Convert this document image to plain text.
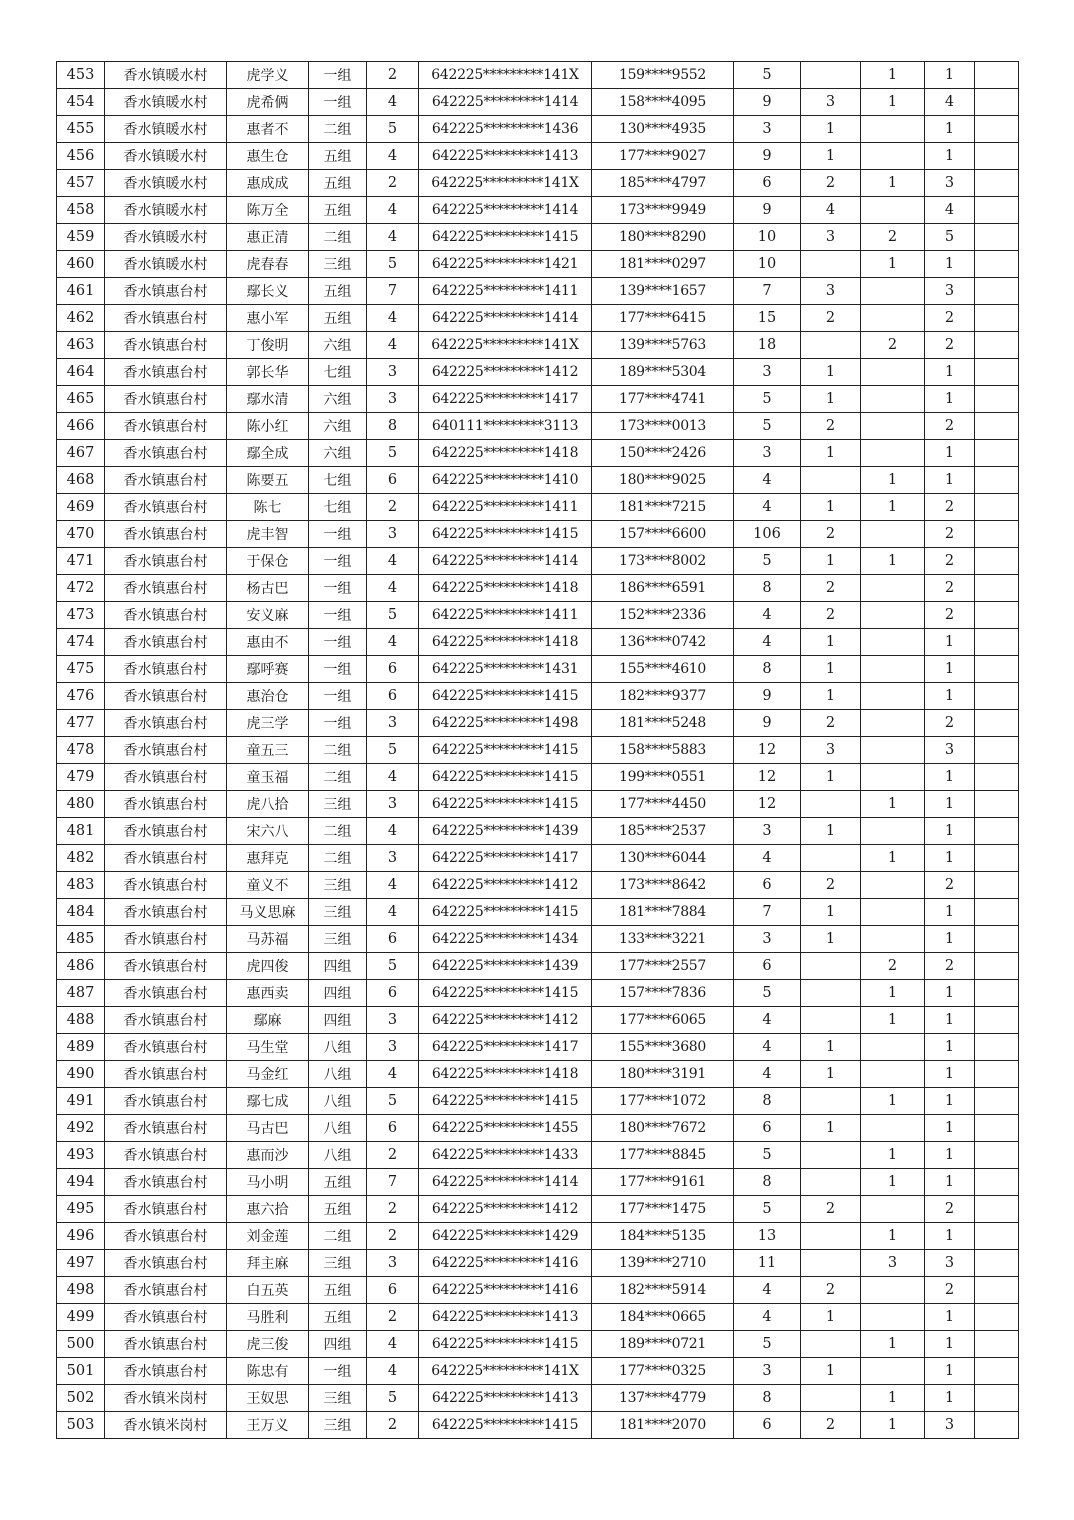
453	香水镇暖水村	虎学义	一组	2	642225*********141X	159****9552	5		1	1	
454	香水镇暖水村	虎希俩	一组	4	642225*********1414	158****4095	9	3	1	4	
455	香水镇暖水村	惠者不	二组	5	642225*********1436	130****4935	3	1		1	
456	香水镇暖水村	惠生仓	五组	4	642225*********1413	177****9027	9	1		1	
457	香水镇暖水村	惠成成	五组	2	642225*********141X	185****4797	6	2	1	3	
458	香水镇暖水村	陈万全	五组	4	642225*********1414	173****9949	9	4		4	
459	香水镇暖水村	惠正清	二组	4	642225*********1415	180****8290	10	3	2	5	
460	香水镇暖水村	虎春春	三组	5	642225*********1421	181****0297	10		1	1	
461	香水镇惠台村	鄢长义	五组	7	642225*********1411	139****1657	7	3		3	
462	香水镇惠台村	惠小军	五组	4	642225*********1414	177****6415	15	2		2	
463	香水镇惠台村	丁俊明	六组	4	642225*********141X	139****5763	18		2	2	
464	香水镇惠台村	郭长华	七组	3	642225*********1412	189****5304	3	1		1	
465	香水镇惠台村	鄢水清	六组	3	642225*********1417	177****4741	5	1		1	
466	香水镇惠台村	陈小红	六组	8	640111*********3113	173****0013	5	2		2	
467	香水镇惠台村	鄢全成	六组	5	642225*********1418	150****2426	3	1		1	
468	香水镇惠台村	陈要五	七组	6	642225*********1410	180****9025	4		1	1	
469	香水镇惠台村	陈七	七组	2	642225*********1411	181****7215	4	1	1	2	
470	香水镇惠台村	虎丰智	一组	3	642225*********1415	157****6600	106	2		2	
471	香水镇惠台村	于保仓	一组	4	642225*********1414	173****8002	5	1	1	2	
472	香水镇惠台村	杨古巴	一组	4	642225*********1418	186****6591	8	2		2	
473	香水镇惠台村	安义麻	一组	5	642225*********1411	152****2336	4	2		2	
474	香水镇惠台村	惠由不	一组	4	642225*********1418	136****0742	4	1		1	
475	香水镇惠台村	鄢呼赛	一组	6	642225*********1431	155****4610	8	1		1	
476	香水镇惠台村	惠治仓	一组	6	642225*********1415	182****9377	9	1		1	
477	香水镇惠台村	虎三学	一组	3	642225*********1498	181****5248	9	2		2	
478	香水镇惠台村	童五三	二组	5	642225*********1415	158****5883	12	3		3	
479	香水镇惠台村	童玉福	二组	4	642225*********1415	199****0551	12	1		1	
480	香水镇惠台村	虎八拾	三组	3	642225*********1415	177****4450	12		1	1	
481	香水镇惠台村	宋六八	二组	4	642225*********1439	185****2537	3	1		1	
482	香水镇惠台村	惠拜克	二组	3	642225*********1417	130****6044	4		1	1	
483	香水镇惠台村	童义不	三组	4	642225*********1412	173****8642	6	2		2	
484	香水镇惠台村	马义思麻	三组	4	642225*********1415	181****7884	7	1		1	
485	香水镇惠台村	马苏福	三组	6	642225*********1434	133****3221	3	1		1	
486	香水镇惠台村	虎四俊	四组	5	642225*********1439	177****2557	6		2	2	
487	香水镇惠台村	惠西卖	四组	6	642225*********1415	157****7836	5		1	1	
488	香水镇惠台村	鄢麻	四组	3	642225*********1412	177****6065	4		1	1	
489	香水镇惠台村	马生堂	八组	3	642225*********1417	155****3680	4	1		1	
490	香水镇惠台村	马金红	八组	4	642225*********1418	180****3191	4	1		1	
491	香水镇惠台村	鄢七成	八组	5	642225*********1415	177****1072	8		1	1	
492	香水镇惠台村	马古巴	八组	6	642225*********1455	180****7672	6	1		1	
493	香水镇惠台村	惠而沙	八组	2	642225*********1433	177****8845	5		1	1	
494	香水镇惠台村	马小明	五组	7	642225*********1414	177****9161	8		1	1	
495	香水镇惠台村	惠六拾	五组	2	642225*********1412	177****1475	5	2		2	
496	香水镇惠台村	刘金莲	二组	2	642225*********1429	184****5135	13		1	1	
497	香水镇惠台村	拜主麻	三组	3	642225*********1416	139****2710	11		3	3	
498	香水镇惠台村	白五英	五组	6	642225*********1416	182****5914	4	2		2	
499	香水镇惠台村	马胜利	五组	2	642225*********1413	184****0665	4	1		1	
500	香水镇惠台村	虎三俊	四组	4	642225*********1415	189****0721	5		1	1	
501	香水镇惠台村	陈忠有	一组	4	642225*********141X	177****0325	3	1		1	
502	香水镇米岗村	王奴思	三组	5	642225*********1413	137****4779	8		1	1	
503	香水镇米岗村	王万义	三组	2	642225*********1415	181****2070	6	2	1	3	
